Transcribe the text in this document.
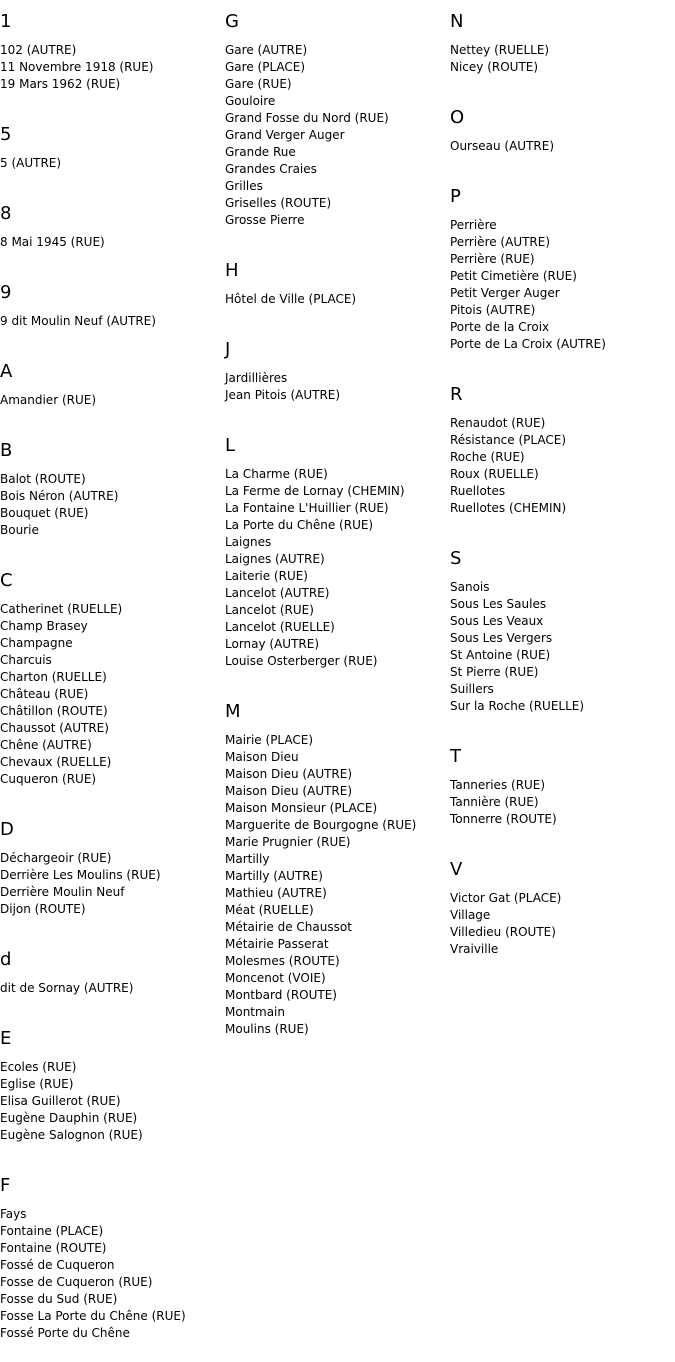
1
102 (AUTRE)
11 Novembre 1918 (RUE)
19 Mars 1962 (RUE)
5
5 (AUTRE)
8
8 Mai 1945 (RUE)
9
9 dit Moulin Neuf (AUTRE)
A
Amandier (RUE)
B
Balot (ROUTE)
Bois Néron (AUTRE)
Bouquet (RUE)
Bourie
C
Catherinet (RUELLE)
Champ Brasey
Champagne
Charcuis
Charton (RUELLE)
Château (RUE)
Châtillon (ROUTE)
Chaussot (AUTRE)
Chêne (AUTRE)
Chevaux (RUELLE)
Cuqueron (RUE)
D
Déchargeoir (RUE)
Derrière Les Moulins (RUE)
Derrière Moulin Neuf
Dijon (ROUTE)
d
dit de Sornay (AUTRE)
E
Ecoles (RUE)
Eglise (RUE)
Elisa Guillerot (RUE)
Eugène Dauphin (RUE)
Eugène Salognon (RUE)
F
Fays
Fontaine (PLACE)
Fontaine (ROUTE)
Fossé de Cuqueron
Fosse de Cuqueron (RUE)
Fosse du Sud (RUE)
Fosse La Porte du Chêne (RUE)
Fossé Porte du Chêne
G
Gare (AUTRE)
Gare (PLACE)
Gare (RUE)
Gouloire
Grand Fosse du Nord (RUE)
Grand Verger Auger
Grande Rue
Grandes Craies
Grilles
Griselles (ROUTE)
Grosse Pierre
H
Hôtel de Ville (PLACE)
J
Jardillières
Jean Pitois (AUTRE)
L
La Charme (RUE)
La Ferme de Lornay (CHEMIN)
La Fontaine L'Huillier (RUE)
La Porte du Chêne (RUE)
Laignes
Laignes (AUTRE)
Laiterie (RUE)
Lancelot (AUTRE)
Lancelot (RUE)
Lancelot (RUELLE)
Lornay (AUTRE)
Louise Osterberger (RUE)
M
Mairie (PLACE)
Maison Dieu
Maison Dieu (AUTRE)
Maison Dieu (AUTRE)
Maison Monsieur (PLACE)
Marguerite de Bourgogne (RUE)
Marie Prugnier (RUE)
Martilly
Martilly (AUTRE)
Mathieu (AUTRE)
Méat (RUELLE)
Métairie de Chaussot
Métairie Passerat
Molesmes (ROUTE)
Moncenot (VOIE)
Montbard (ROUTE)
Montmain
Moulins (RUE)
N
Nettey (RUELLE)
Nicey (ROUTE)
O
Ourseau (AUTRE)
P
Perrière
Perrière (AUTRE)
Perrière (RUE)
Petit Cimetière (RUE)
Petit Verger Auger
Pitois (AUTRE)
Porte de la Croix
Porte de La Croix (AUTRE)
R
Renaudot (RUE)
Résistance (PLACE)
Roche (RUE)
Roux (RUELLE)
Ruellotes
Ruellotes (CHEMIN)
S
Sanois
Sous Les Saules
Sous Les Veaux
Sous Les Vergers
St Antoine (RUE)
St Pierre (RUE)
Suillers
Sur la Roche (RUELLE)
T
Tanneries (RUE)
Tannière (RUE)
Tonnerre (ROUTE)
V
Victor Gat (PLACE)
Village
Villedieu (ROUTE)
Vraiville
